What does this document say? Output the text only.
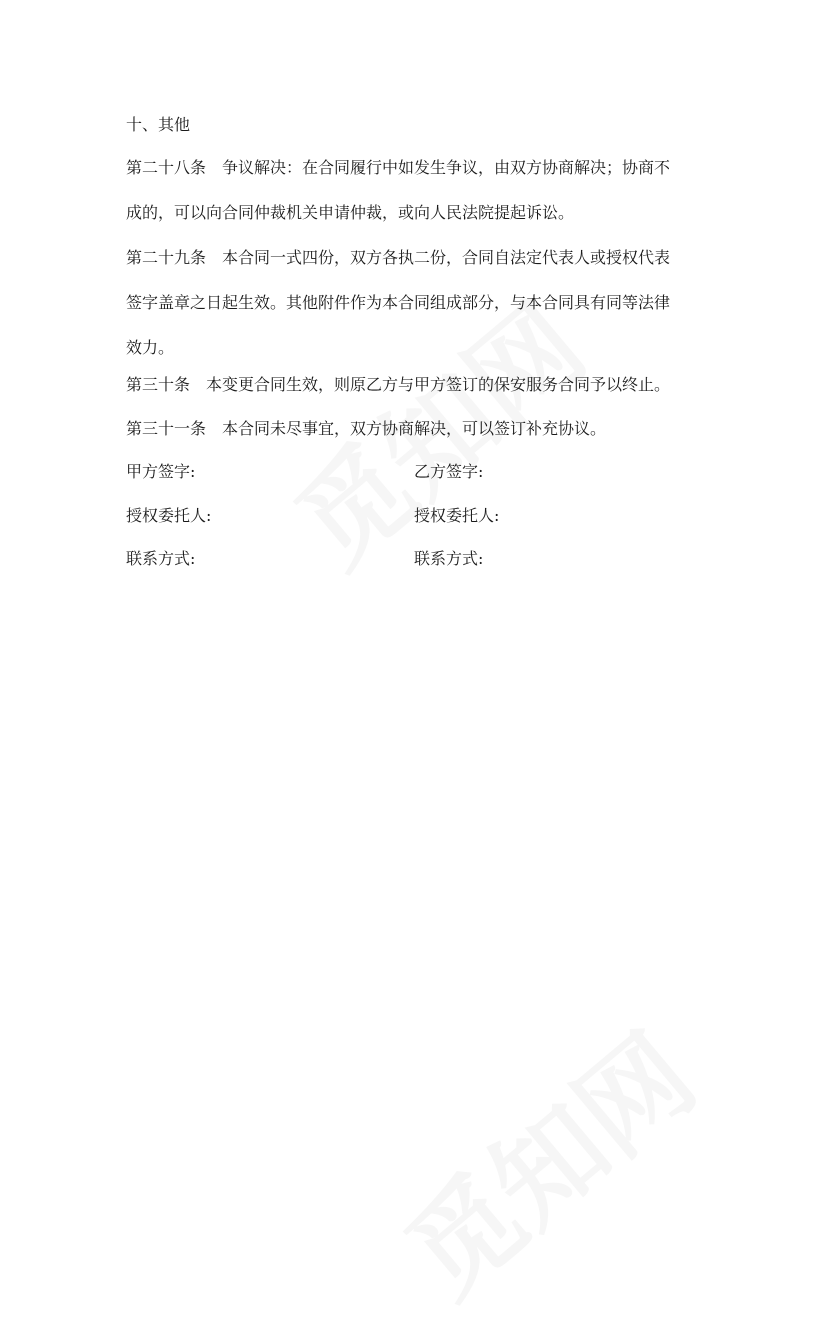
十、其他
第二十八条　争议解决：在合同履行中如发生争议，由双方协商解决；协商不
成的，可以向合同仲裁机关申请仲裁，或向人民法院提起诉讼。
第二十九条　本合同一式四份，双方各执二份，合同自法定代表人或授权代表
签字盖章之日起生效。其他附件作为本合同组成部分，与本合同具有同等法律
效力。
第三十条　本变更合同生效，则原乙方与甲方签订的保安服务合同予以终止。
第三十一条　本合同未尽事宜，双方协商解决，可以签订补充协议。
甲方签字:	乙方签字:
授权委托人:	授权委托人:
联系方式:	联系方式:
